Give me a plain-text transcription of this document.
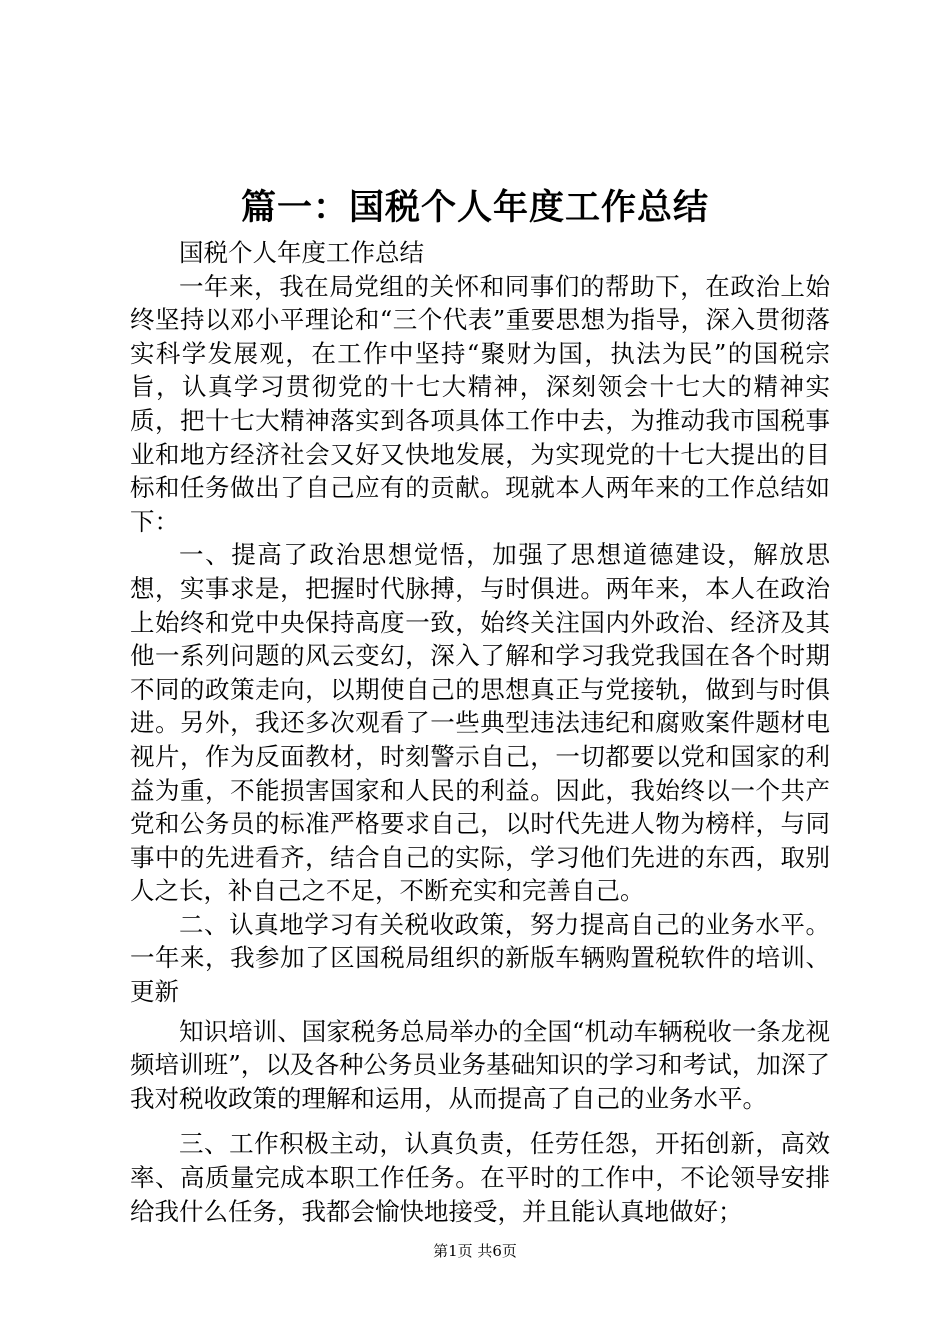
篇一：国税个人年度工作总结

国税个人年度工作总结

一年来，我在局党组的关怀和同事们的帮助下，在政治上始终坚持以邓小平理论和“三个代表”重要思想为指导，深入贯彻落实科学发展观，在工作中坚持“聚财为国，执法为民”的国税宗旨，认真学习贯彻党的十七大精神，深刻领会十七大的精神实质，把十七大精神落实到各项具体工作中去，为推动我市国税事业和地方经济社会又好又快地发展，为实现党的十七大提出的目标和任务做出了自己应有的贡献。现就本人两年来的工作总结如下：

一、提高了政治思想觉悟，加强了思想道德建设，解放思想，实事求是，把握时代脉搏，与时俱进。两年来，本人在政治上始终和党中央保持高度一致，始终关注国内外政治、经济及其他一系列问题的风云变幻，深入了解和学习我党我国在各个时期不同的政策走向，以期使自己的思想真正与党接轨，做到与时俱进。另外，我还多次观看了一些典型违法违纪和腐败案件题材电视片，作为反面教材，时刻警示自己，一切都要以党和国家的利益为重，不能损害国家和人民的利益。因此，我始终以一个共产党和公务员的标准严格要求自己，以时代先进人物为榜样，与同事中的先进看齐，结合自己的实际，学习他们先进的东西，取别人之长，补自己之不足，不断充实和完善自己。

二、认真地学习有关税收政策，努力提高自己的业务水平。一年来，我参加了区国税局组织的新版车辆购置税软件的培训、更新

知识培训、国家税务总局举办的全国“机动车辆税收一条龙视频培训班”，以及各种公务员业务基础知识的学习和考试，加深了我对税收政策的理解和运用，从而提高了自己的业务水平。

三、工作积极主动，认真负责，任劳任怨，开拓创新，高效率、高质量完成本职工作任务。在平时的工作中，不论领导安排给我什么任务，我都会愉快地接受，并且能认真地做好；

第1页 共6页
